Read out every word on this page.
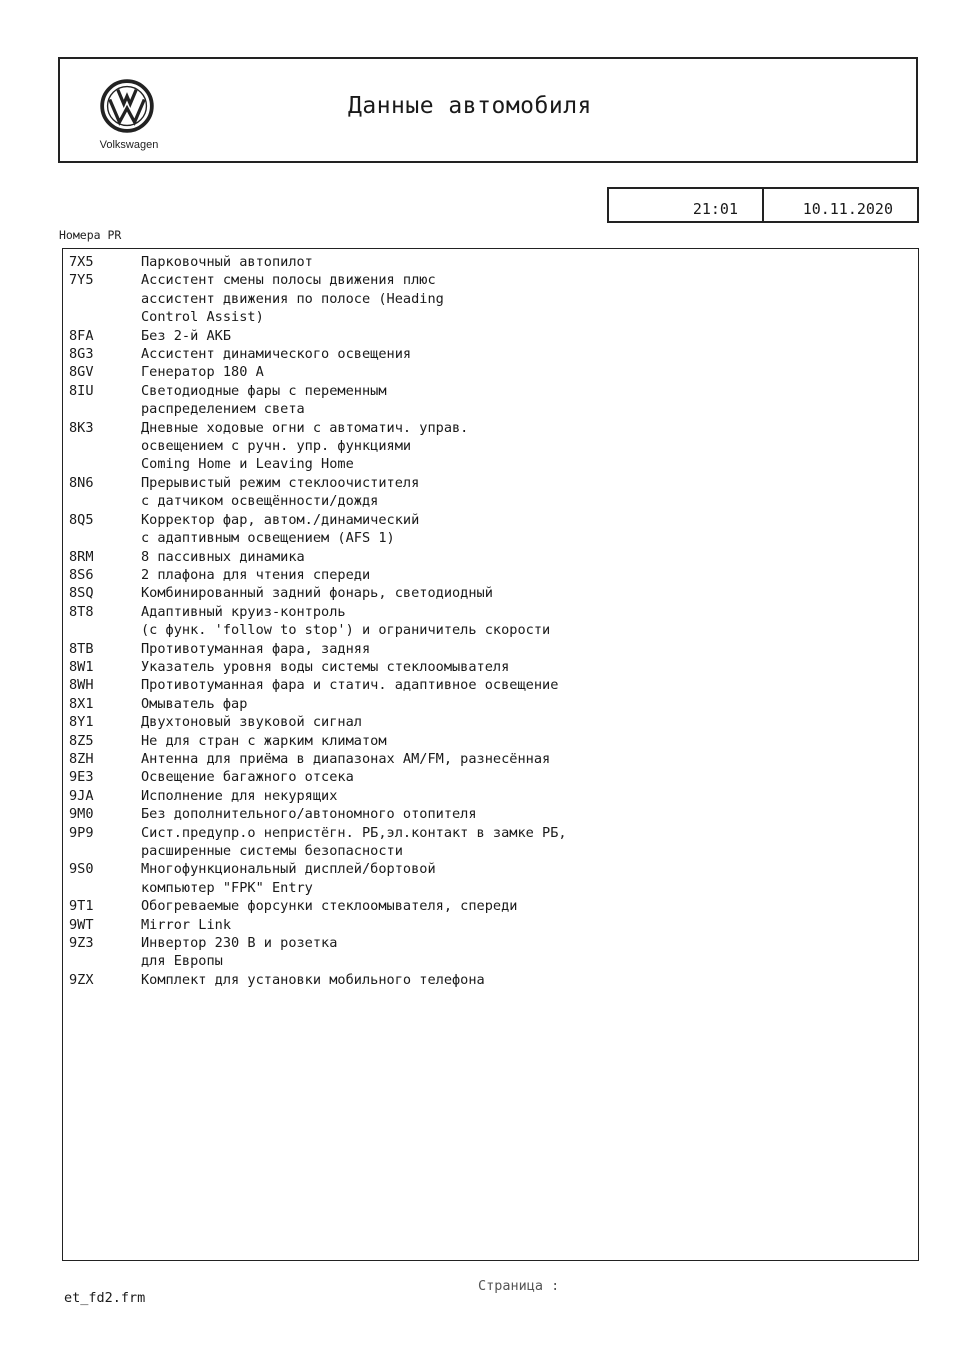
Volkswagen
Данные автомобиля
21:01	10.11.2020
Номера PR
7X5	Парковочный автопилот
7Y5	Ассистент смены полосы движения плюс
ассистент движения по полосе (Heading
Control Assist)
8FA	Без 2-й АКБ
8G3	Ассистент динамического освещения
8GV	Генератор 180 А
8IU	Светодиодные фары с переменным
распределением света
8K3	Дневные ходовые огни с автоматич. управ.
освещением с ручн. упр. функциями
Coming Home и Leaving Home
8N6	Прерывистый режим стеклоочистителя
с датчиком освещённости/дождя
8Q5	Корректор фар, автом./динамический
с адаптивным освещением (AFS 1)
8RM	8 пассивных динамика
8S6	2 плафона для чтения спереди
8SQ	Комбинированный задний фонарь, светодиодный
8T8	Адаптивный круиз-контроль
(с функ. 'follow to stop') и ограничитель скорости
8TB	Противотуманная фара, задняя
8W1	Указатель уровня воды системы стеклоомывателя
8WH	Противотуманная фара и статич. адаптивное освещение
8X1	Омыватель фар
8Y1	Двухтоновый звуковой сигнал
8Z5	Не для стран с жарким климатом
8ZH	Антенна для приёма в диапазонах AM/FM, разнесённая
9E3	Освещение багажного отсека
9JA	Исполнение для некурящих
9M0	Без дополнительного/автономного отопителя
9P9	Сист.предупр.о непристёгн. РБ,эл.контакт в замке РБ,
расширенные системы безопасности
9S0	Многофункциональный дисплей/бортовой
компьютер "FPK" Entry
9T1	Обогреваемые форсунки стеклоомывателя, спереди
9WT	Mirror Link
9Z3	Инвертор 230 В и розетка
для Европы
9ZX	Комплект для установки мобильного телефона
et_fd2.frm
Страница :
